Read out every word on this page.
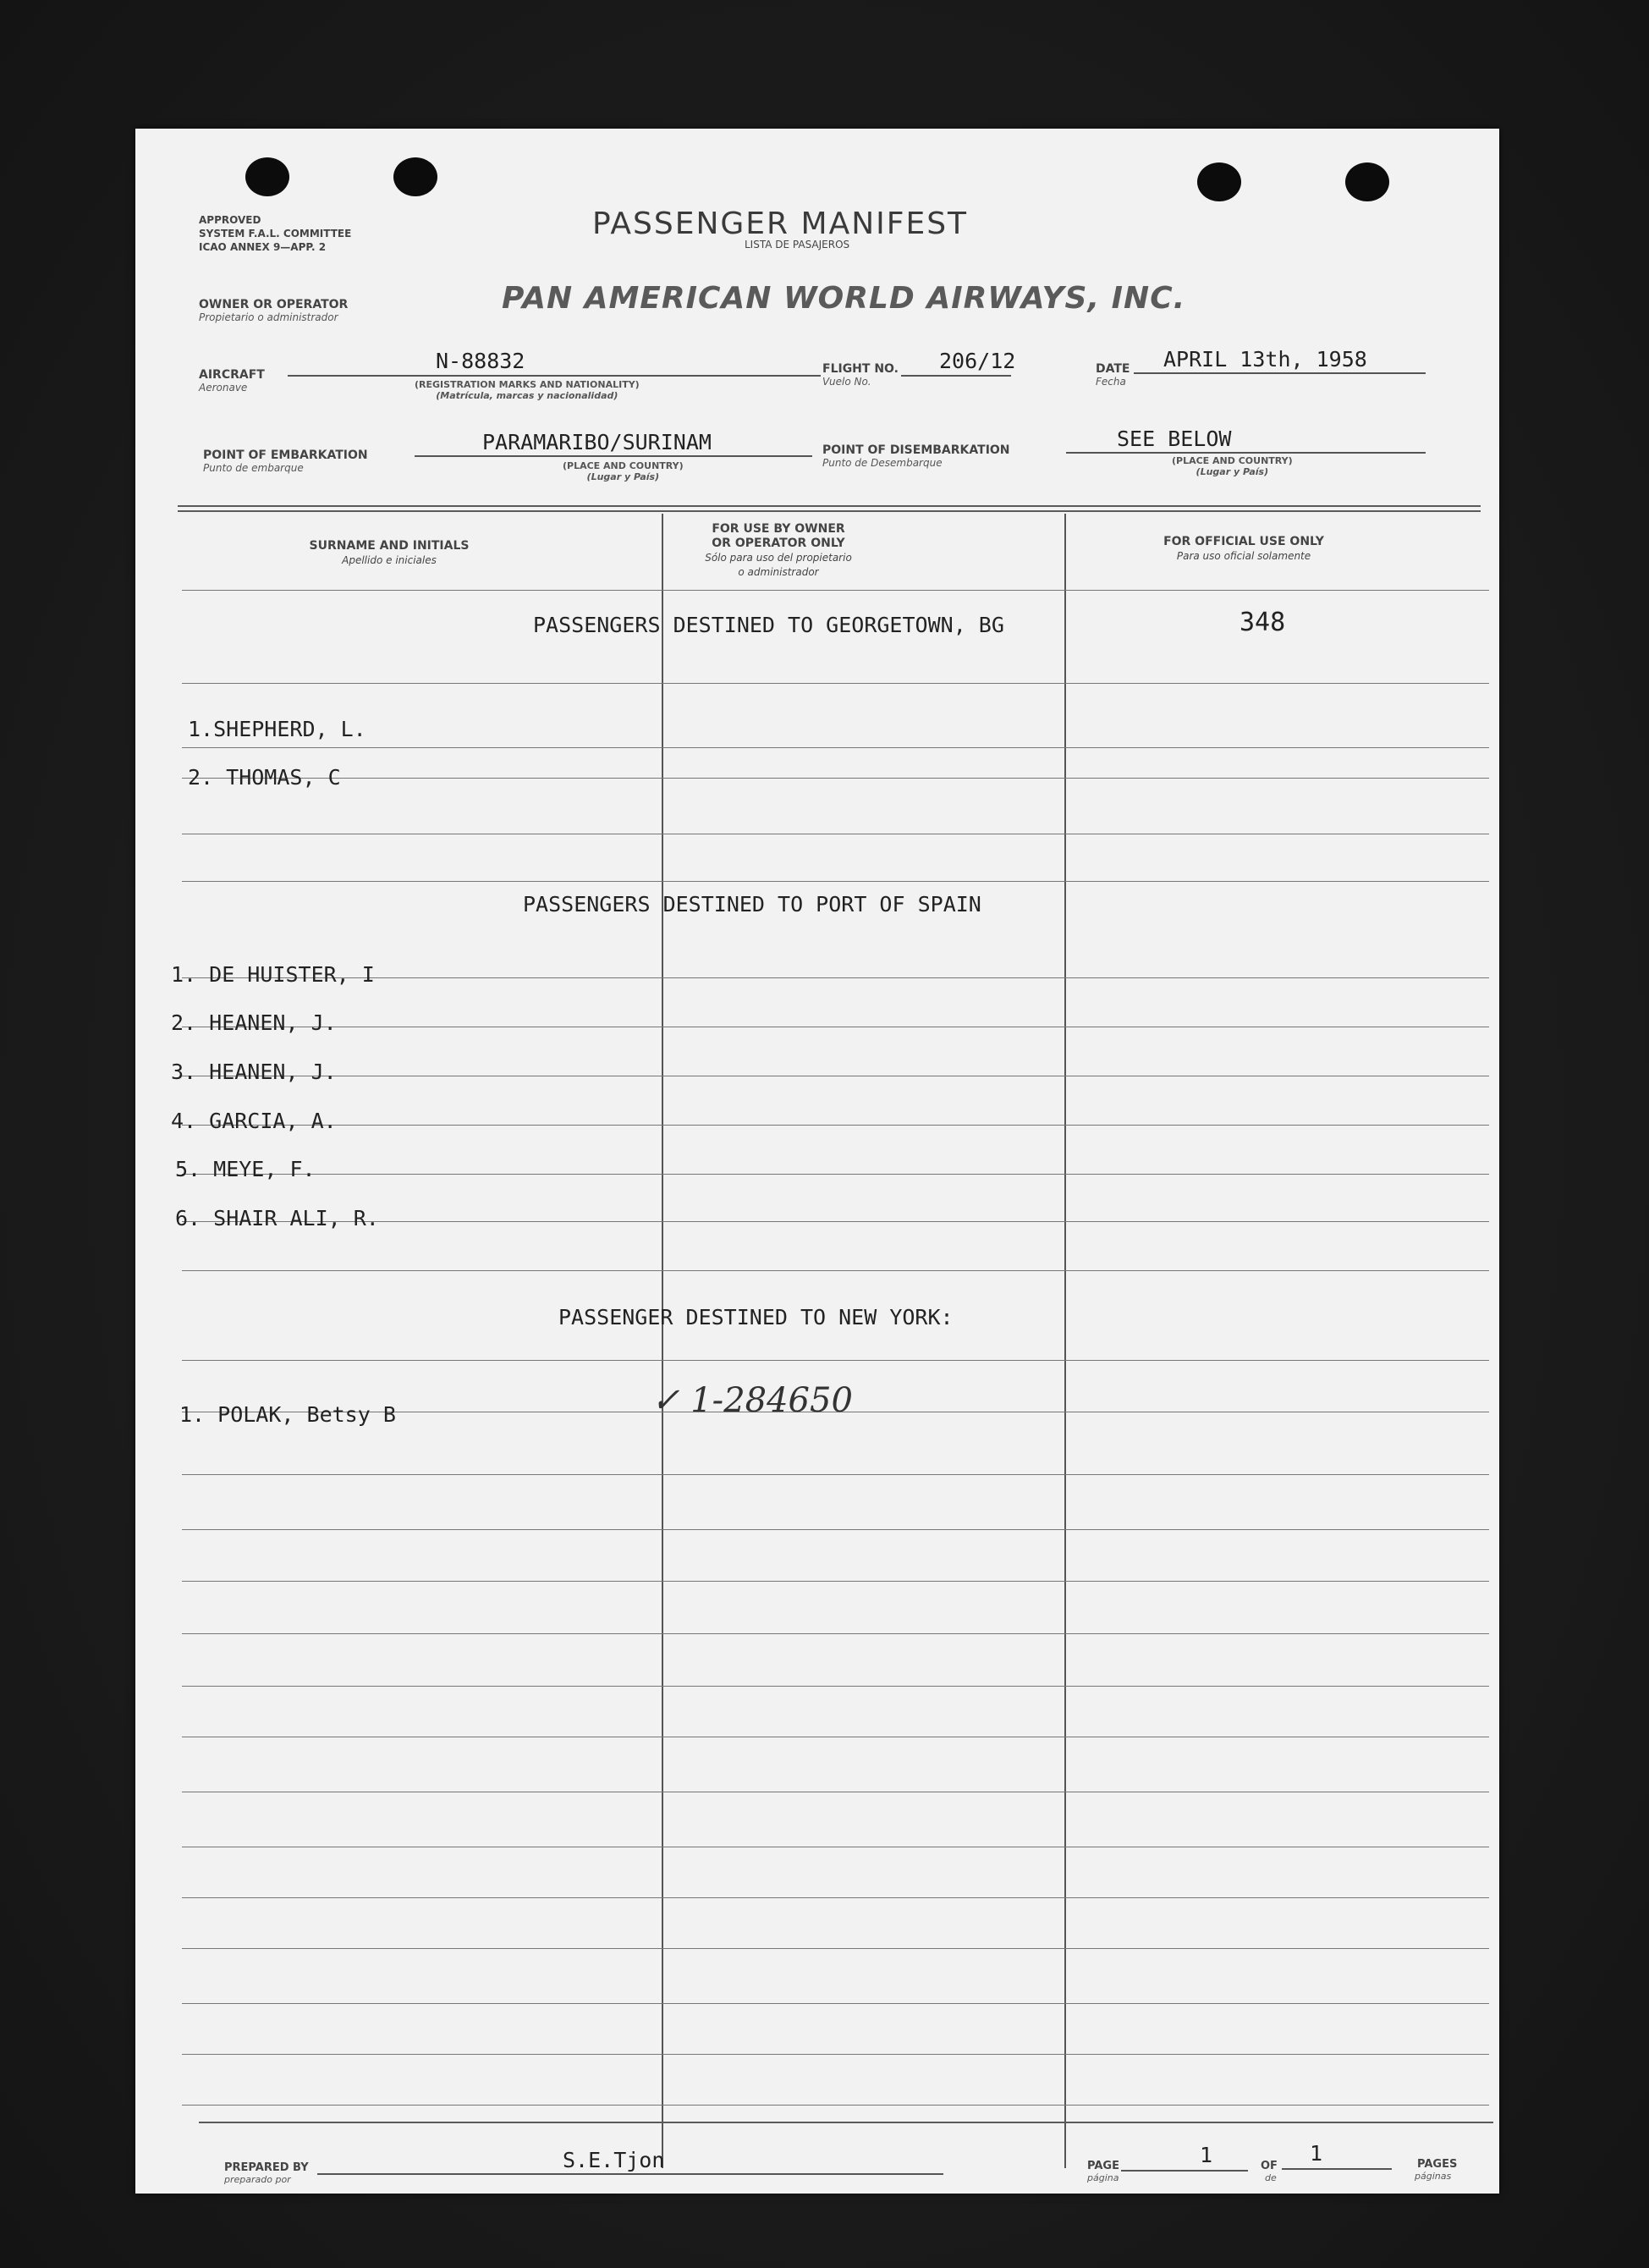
APPROVED
SYSTEM F.A.L. COMMITTEE
ICAO ANNEX 9—APP. 2
PASSENGER MANIFEST
LISTA DE PASAJEROS
OWNER OR OPERATOR
Propietario o administrador
PAN AMERICAN WORLD AIRWAYS, INC.
AIRCRAFT
Aeronave
N-88832
(REGISTRATION MARKS AND NATIONALITY)
(Matrícula, marcas y nacionalidad)
FLIGHT NO.
Vuelo No.
206/12	DATE
Fecha
APRIL 13th, 1958
POINT OF EMBARKATION
Punto de embarque
PARAMARIBO/SURINAM
(PLACE AND COUNTRY)
(Lugar y País)
POINT OF DISEMBARKATION
Punto de Desembarque
SEE BELOW
(PLACE AND COUNTRY)
(Lugar y País)
SURNAME AND INITIALS
Apellido e iniciales
FOR USE BY OWNER
OR OPERATOR ONLY
Sólo para uso del propietario
o administrador
FOR OFFICIAL USE ONLY
Para uso oficial solamente
PASSENGERS DESTINED TO GEORGETOWN, BG	348
1.SHEPHERD, L.
2. THOMAS, C
PASSENGERS DESTINED TO PORT OF SPAIN
1. DE HUISTER, I
2. HEANEN, J.
3. HEANEN, J.
4. GARCIA, A.
5. MEYE, F.
6. SHAIR ALI, R.
PASSENGER DESTINED TO NEW YORK:
1. POLAK, Betsy B	✓ 1-284650
PREPARED BY
preparado por
S.E.Tjon	PAGE
página
1	OF
de
1	PAGES
páginas
